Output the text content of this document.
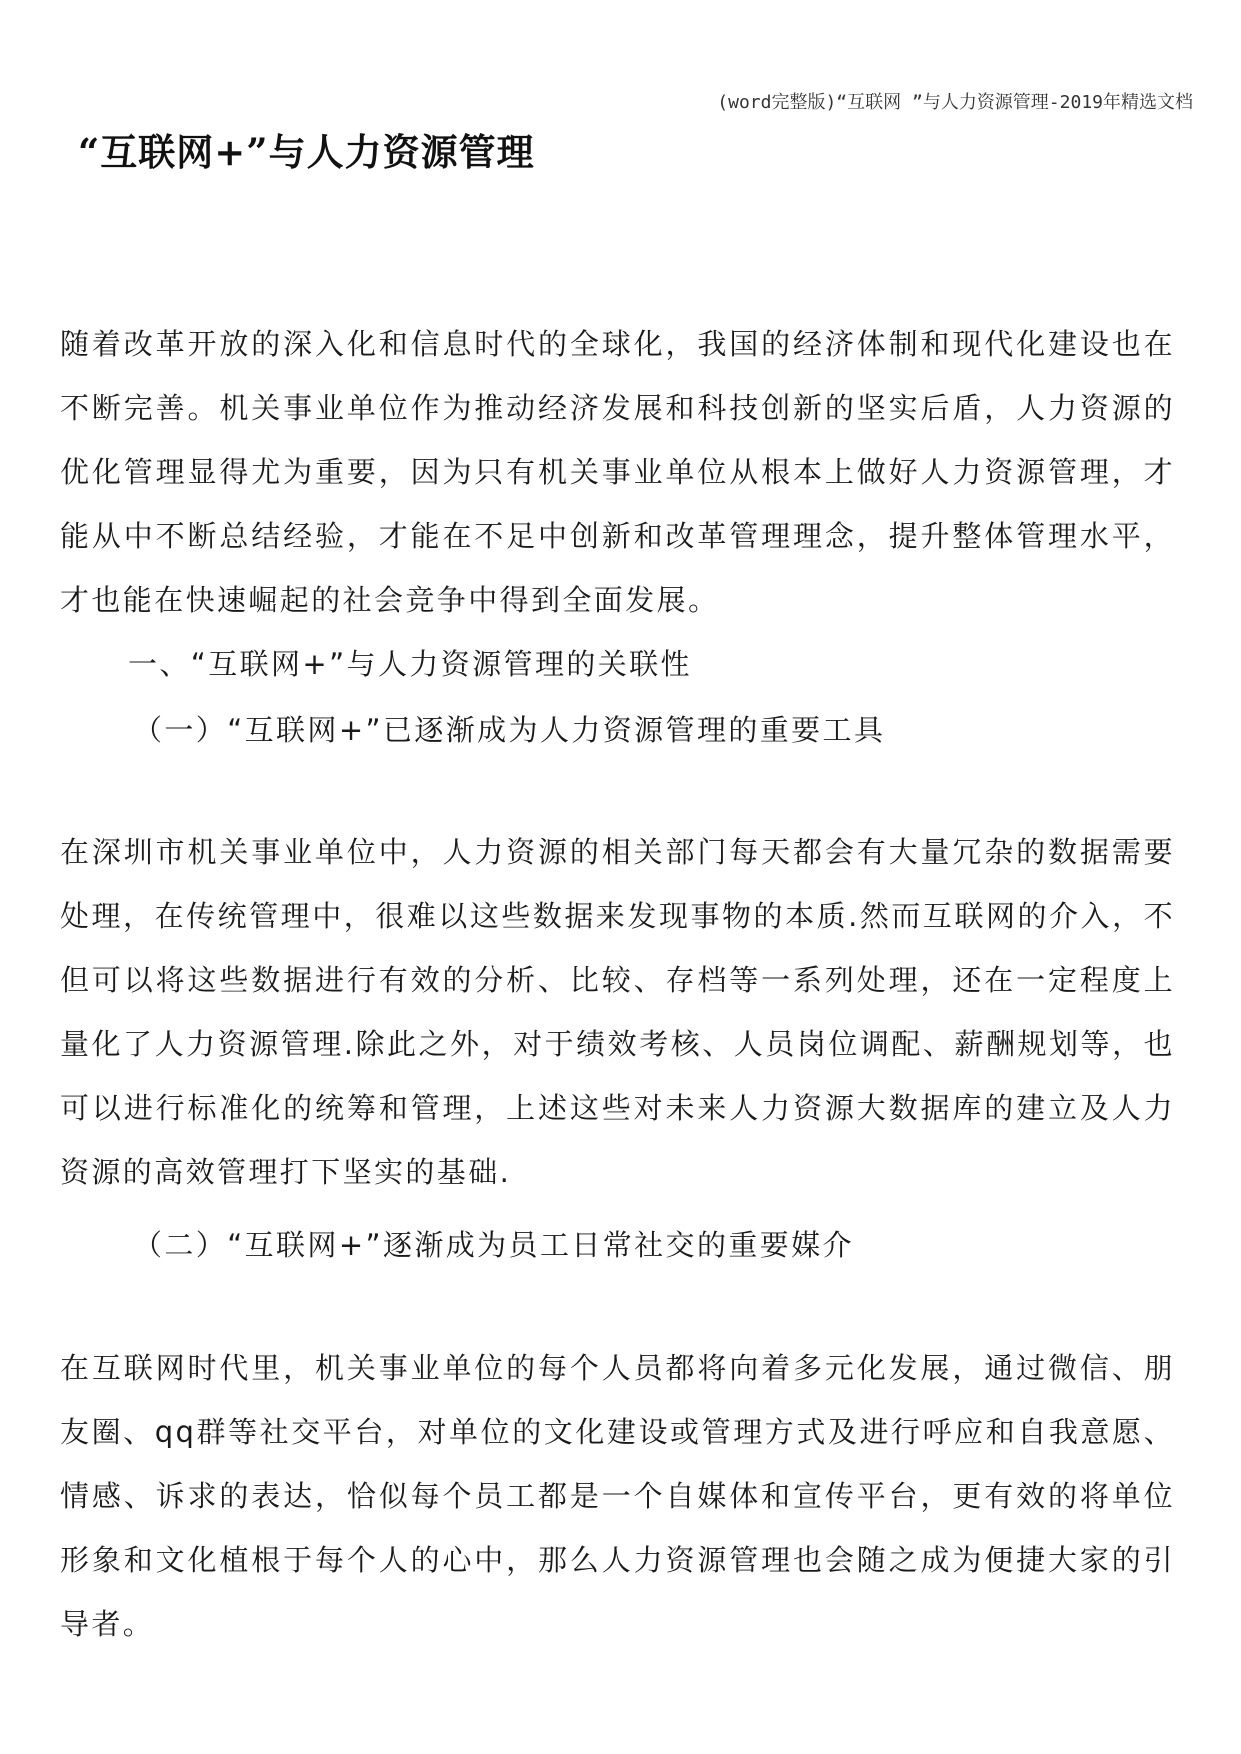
(word完整版)“互联网 ”与人力资源管理-2019年精选文档
“互联网+”与人力资源管理

随着改革开放的深入化和信息时代的全球化，我国的经济体制和现代化建设也在不断完善。机关事业单位作为推动经济发展和科技创新的坚实后盾，人力资源的优化管理显得尤为重要，因为只有机关事业单位从根本上做好人力资源管理，才能从中不断总结经验，才能在不足中创新和改革管理理念，提升整体管理水平，才也能在快速崛起的社会竞争中得到全面发展。

一、“互联网+”与人力资源管理的关联性

（一）“互联网+”已逐渐成为人力资源管理的重要工具

在深圳市机关事业单位中，人力资源的相关部门每天都会有大量冗杂的数据需要处理，在传统管理中，很难以这些数据来发现事物的本质.然而互联网的介入，不但可以将这些数据进行有效的分析、比较、存档等一系列处理，还在一定程度上量化了人力资源管理.除此之外，对于绩效考核、人员岗位调配、薪酬规划等，也可以进行标准化的统筹和管理，上述这些对未来人力资源大数据库的建立及人力资源的高效管理打下坚实的基础.

（二）“互联网+”逐渐成为员工日常社交的重要媒介

在互联网时代里，机关事业单位的每个人员都将向着多元化发展，通过微信、朋友圈、qq群等社交平台，对单位的文化建设或管理方式及进行呼应和自我意愿、情感、诉求的表达，恰似每个员工都是一个自媒体和宣传平台，更有效的将单位形象和文化植根于每个人的心中，那么人力资源管理也会随之成为便捷大家的引导者。
